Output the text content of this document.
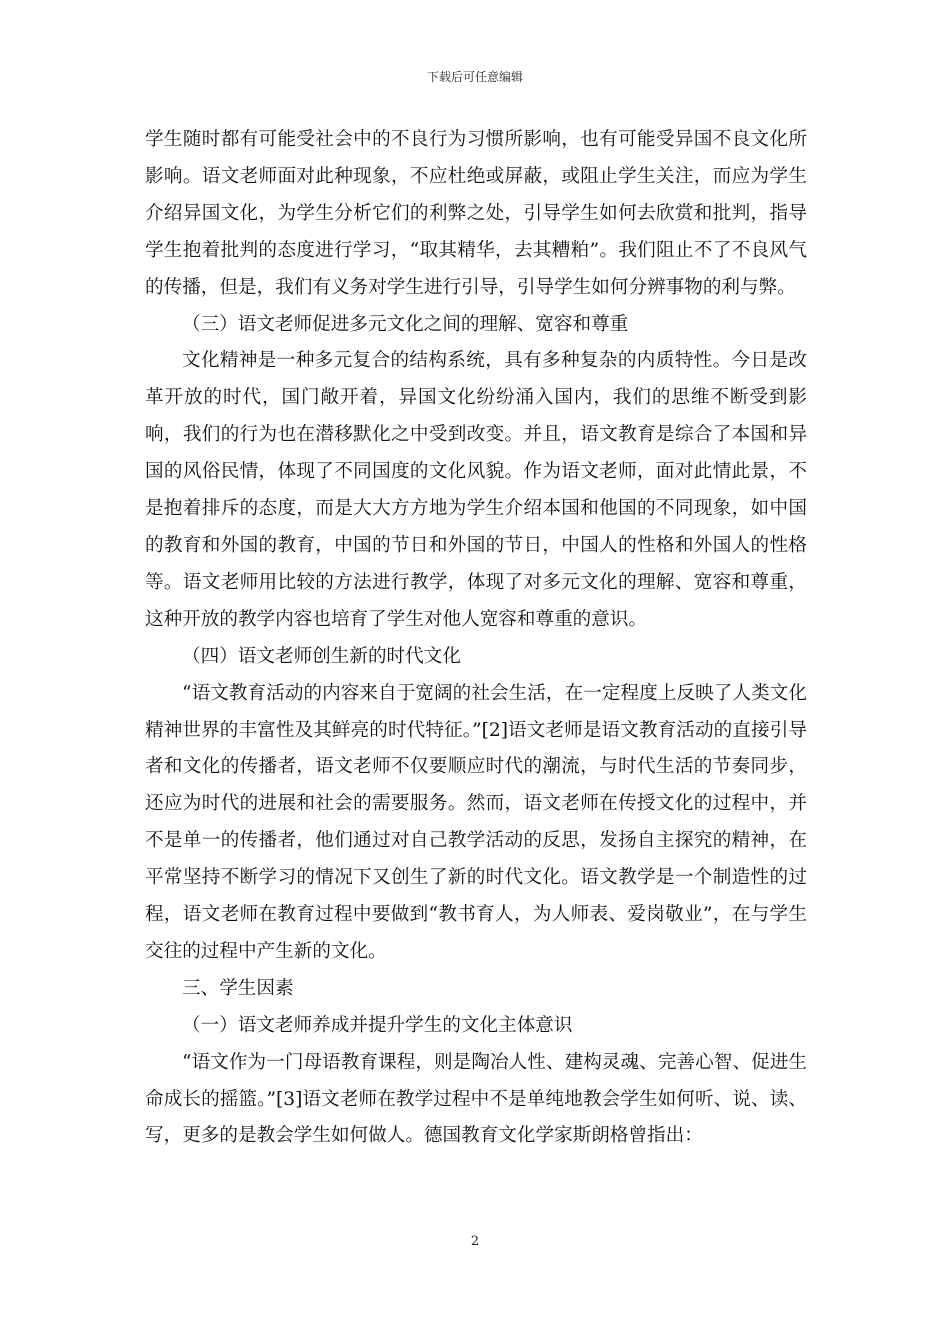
下载后可任意编辑

学生随时都有可能受社会中的不良行为习惯所影响，也有可能受异国不良文化所影响。语文老师面对此种现象，不应杜绝或屏蔽，或阻止学生关注，而应为学生介绍异国文化，为学生分析它们的利弊之处，引导学生如何去欣赏和批判，指导学生抱着批判的态度进行学习，“取其精华，去其糟粕”。我们阻止不了不良风气的传播，但是，我们有义务对学生进行引导，引导学生如何分辨事物的利与弊。

（三）语文老师促进多元文化之间的理解、宽容和尊重

文化精神是一种多元复合的结构系统，具有多种复杂的内质特性。今日是改革开放的时代，国门敞开着，异国文化纷纷涌入国内，我们的思维不断受到影响，我们的行为也在潜移默化之中受到改变。并且，语文教育是综合了本国和异国的风俗民情，体现了不同国度的文化风貌。作为语文老师，面对此情此景，不是抱着排斥的态度，而是大大方方地为学生介绍本国和他国的不同现象，如中国的教育和外国的教育，中国的节日和外国的节日，中国人的性格和外国人的性格等。语文老师用比较的方法进行教学，体现了对多元文化的理解、宽容和尊重，这种开放的教学内容也培育了学生对他人宽容和尊重的意识。

（四）语文老师创生新的时代文化

“语文教育活动的内容来自于宽阔的社会生活，在一定程度上反映了人类文化精神世界的丰富性及其鲜亮的时代特征。”[2]语文老师是语文教育活动的直接引导者和文化的传播者，语文老师不仅要顺应时代的潮流，与时代生活的节奏同步，还应为时代的进展和社会的需要服务。然而，语文老师在传授文化的过程中，并不是单一的传播者，他们通过对自己教学活动的反思，发扬自主探究的精神，在平常坚持不断学习的情况下又创生了新的时代文化。语文教学是一个制造性的过程，语文老师在教育过程中要做到“教书育人，为人师表、爱岗敬业”，在与学生交往的过程中产生新的文化。

三、学生因素

（一）语文老师养成并提升学生的文化主体意识

“语文作为一门母语教育课程，则是陶冶人性、建构灵魂、完善心智、促进生命成长的摇篮。”[3]语文老师在教学过程中不是单纯地教会学生如何听、说、读、写，更多的是教会学生如何做人。德国教育文化学家斯朗格曾指出：

2
